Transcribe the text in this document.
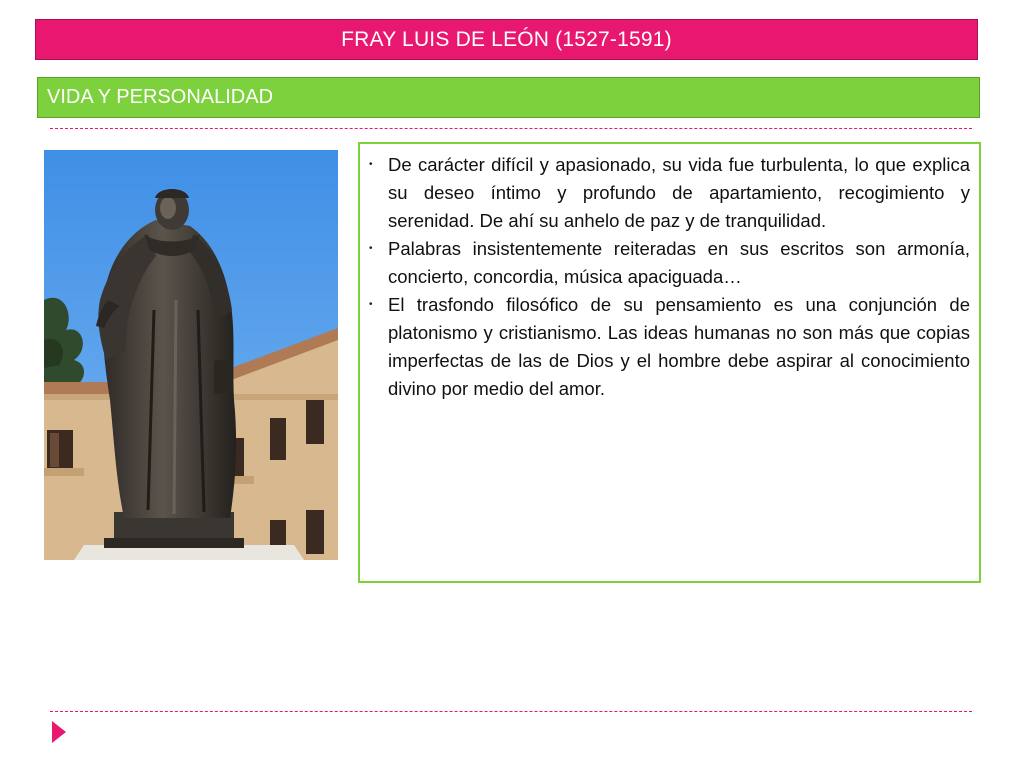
FRAY LUIS DE LEÓN (1527-1591)
VIDA Y PERSONALIDAD
• De carácter difícil y apasionado, su vida fue turbulenta, lo que explica su deseo íntimo y profundo de apartamiento, recogimiento y serenidad. De ahí su anhelo de paz y de tranquilidad.
• Palabras insistentemente reiteradas en sus escritos son armonía, concierto, concordia, música apaciguada…
• El trasfondo filosófico de su pensamiento es una conjunción de platonismo y cristianismo. Las ideas humanas no son más que copias imperfectas de las de Dios y el hombre debe aspirar al conocimiento divino por medio del amor.
